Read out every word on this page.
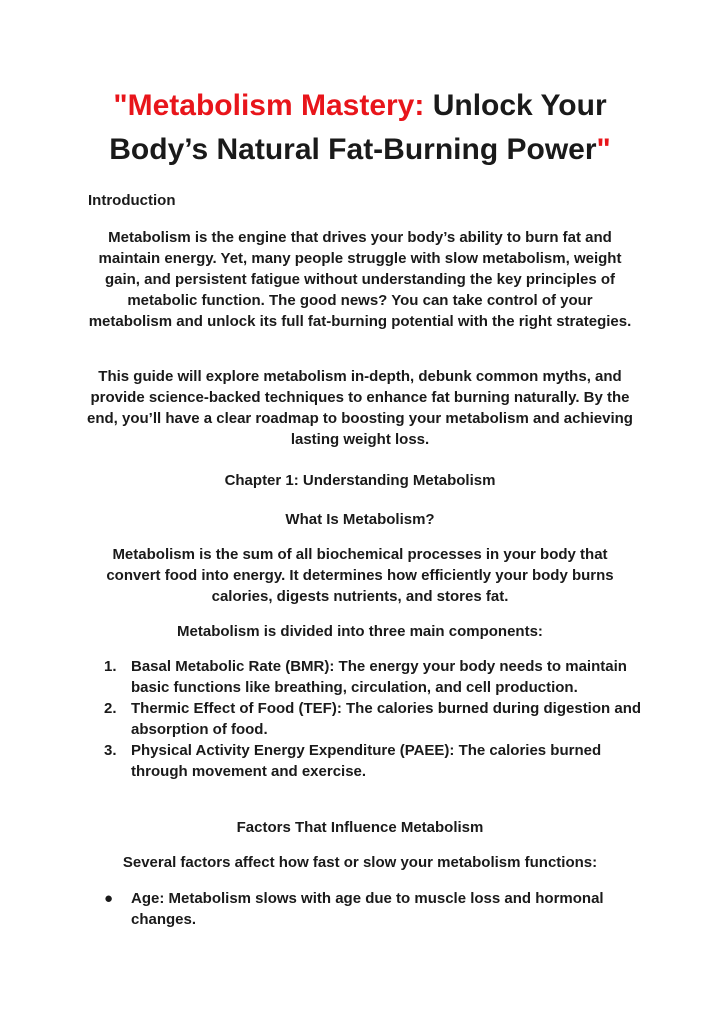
"Metabolism Mastery: Unlock Your Body’s Natural Fat-Burning Power"
Introduction

Metabolism is the engine that drives your body’s ability to burn fat and maintain energy. Yet, many people struggle with slow metabolism, weight gain, and persistent fatigue without understanding the key principles of metabolic function. The good news? You can take control of your metabolism and unlock its full fat-burning potential with the right strategies.

This guide will explore metabolism in-depth, debunk common myths, and provide science-backed techniques to enhance fat burning naturally. By the end, you’ll have a clear roadmap to boosting your metabolism and achieving lasting weight loss.

Chapter 1: Understanding Metabolism
What Is Metabolism?

Metabolism is the sum of all biochemical processes in your body that convert food into energy. It determines how efficiently your body burns calories, digests nutrients, and stores fat.

Metabolism is divided into three main components:

1. Basal Metabolic Rate (BMR): The energy your body needs to maintain basic functions like breathing, circulation, and cell production.
2. Thermic Effect of Food (TEF): The calories burned during digestion and absorption of food.
3. Physical Activity Energy Expenditure (PAEE): The calories burned through movement and exercise.
Factors That Influence Metabolism

Several factors affect how fast or slow your metabolism functions:

● Age: Metabolism slows with age due to muscle loss and hormonal changes.
